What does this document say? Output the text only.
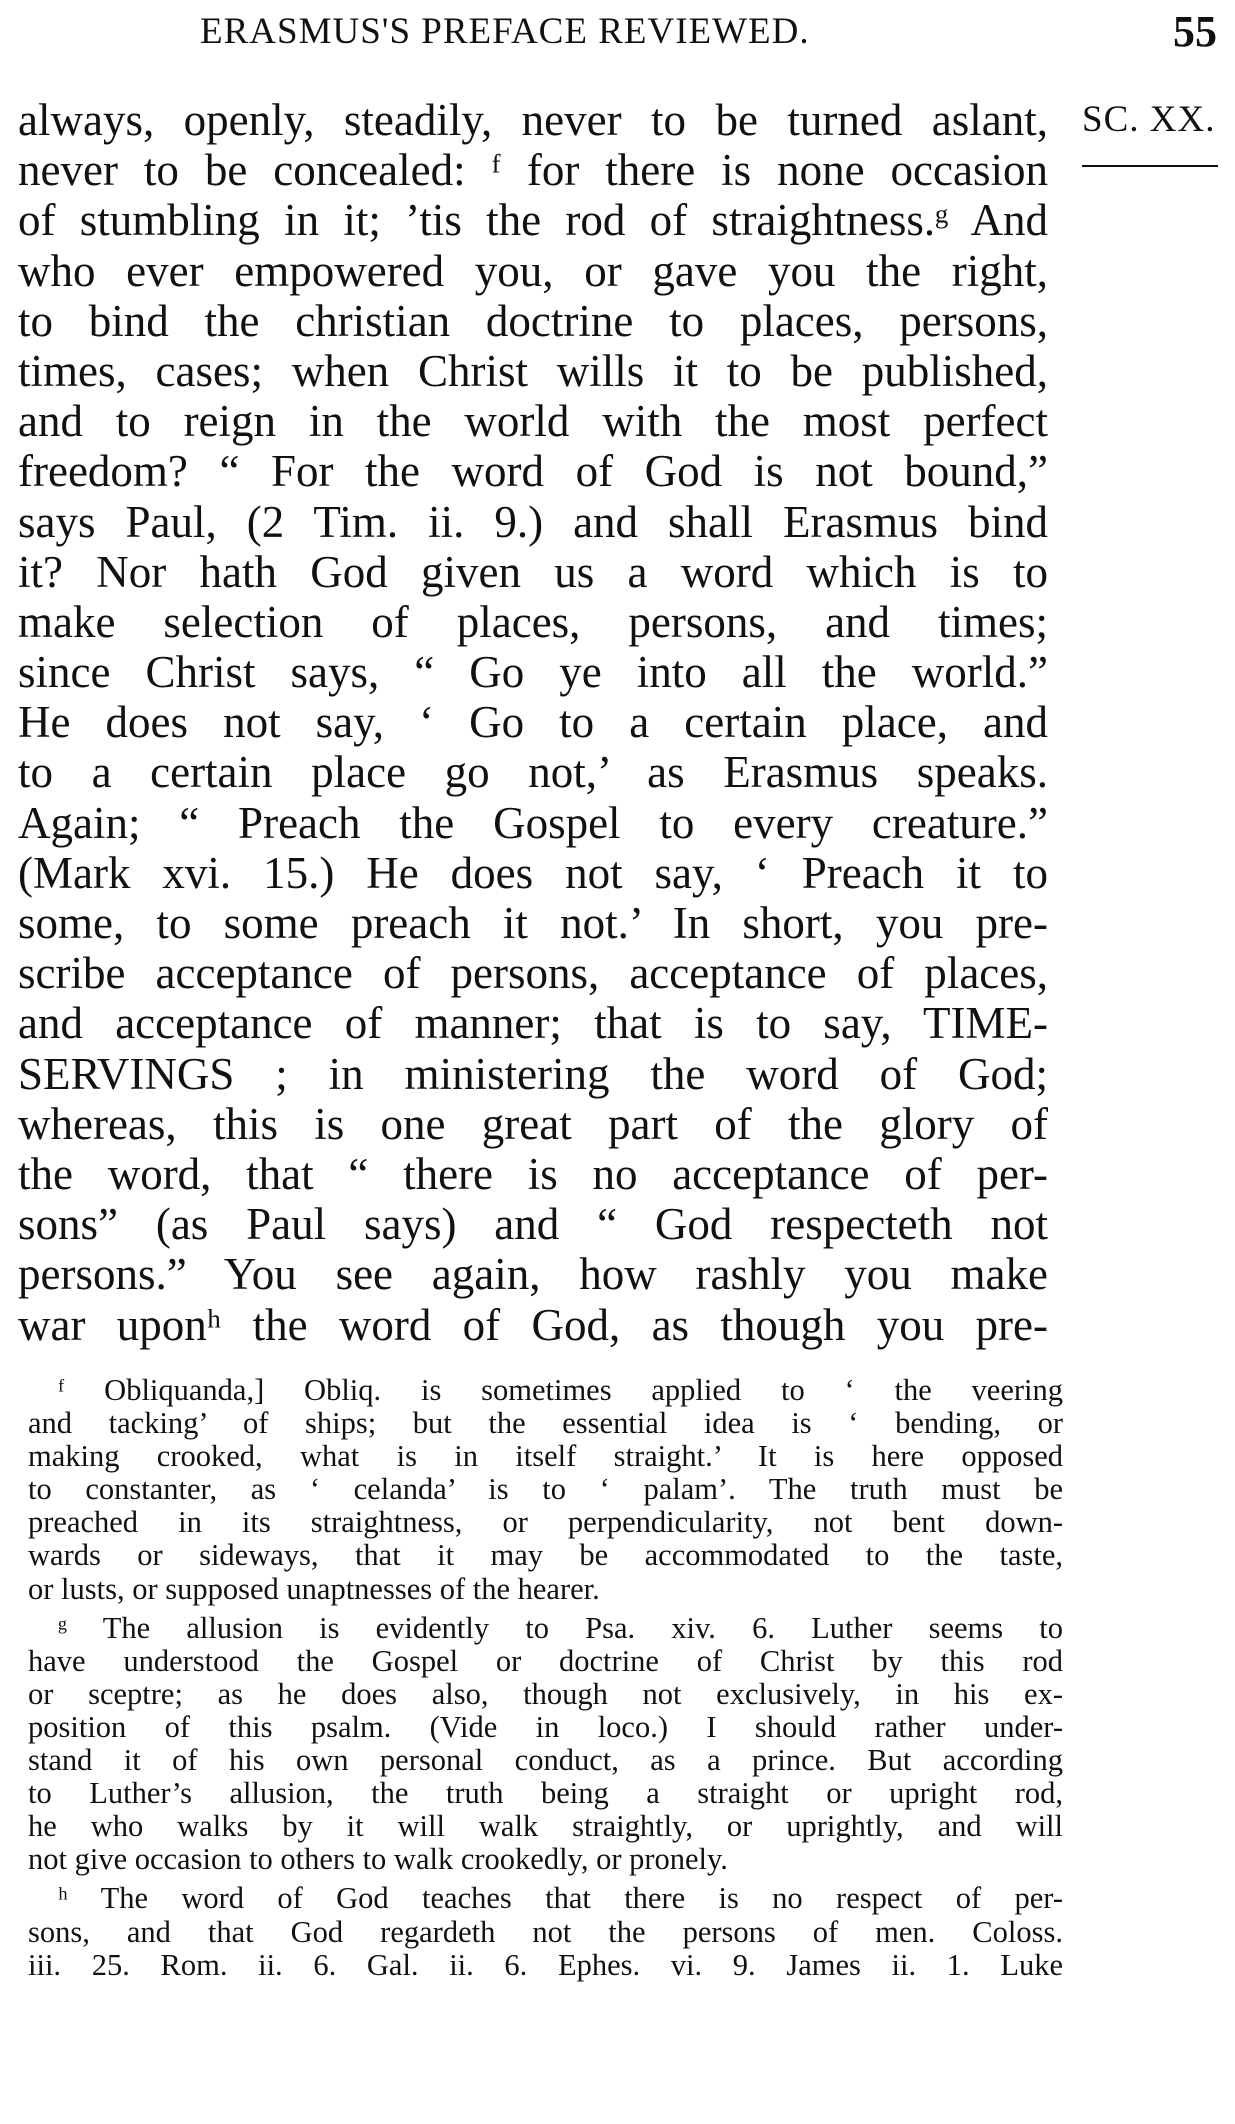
ERASMUS'S PREFACE REVIEWED.	55
SC. XX.
always, openly, steadily, never to be turned aslant,
never to be concealed: ᶠ for there is none occasion
of stumbling in it; ’tis the rod of straightness.ᵍ And
who ever empowered you, or gave you the right,
to bind the christian doctrine to places, persons,
times, cases; when Christ wills it to be published,
and to reign in the world with the most perfect
freedom? “ For the word of God is not bound,”
says Paul, (2 Tim. ii. 9.) and shall Erasmus bind
it? Nor hath God given us a word which is to
make selection of places, persons, and times;
since Christ says, “ Go ye into all the world.”
He does not say, ‘ Go to a certain place, and
to a certain place go not,’ as Erasmus speaks.
Again; “ Preach the Gospel to every creature.”
(Mark xvi. 15.) He does not say, ‘ Preach it to
some, to some preach it not.’ In short, you pre-
scribe acceptance of persons, acceptance of places,
and acceptance of manner; that is to say, TIME-
SERVINGS ; in ministering the word of God;
whereas, this is one great part of the glory of
the word, that “ there is no acceptance of per-
sons” (as Paul says) and “ God respecteth not
persons.” You see again, how rashly you make
war uponʰ the word of God, as though you pre-
ᶠ Obliquanda,] Obliq. is sometimes applied to ‘ the veering
and tacking’ of ships; but the essential idea is ‘ bending, or
making crooked, what is in itself straight.’ It is here opposed
to constanter, as ‘ celanda’ is to ‘ palam’. The truth must be
preached in its straightness, or perpendicularity, not bent down-
wards or sideways, that it may be accommodated to the taste,
or lusts, or supposed unaptnesses of the hearer.
ᵍ The allusion is evidently to Psa. xiv. 6. Luther seems to
have understood the Gospel or doctrine of Christ by this rod
or sceptre; as he does also, though not exclusively, in his ex-
position of this psalm. (Vide in loco.) I should rather under-
stand it of his own personal conduct, as a prince. But according
to Luther’s allusion, the truth being a straight or upright rod,
he who walks by it will walk straightly, or uprightly, and will
not give occasion to others to walk crookedly, or pronely.
ʰ The word of God teaches that there is no respect of per-
sons, and that God regardeth not the persons of men. Coloss.
iii. 25. Rom. ii. 6. Gal. ii. 6. Ephes. vi. 9. James ii. 1. Luke
